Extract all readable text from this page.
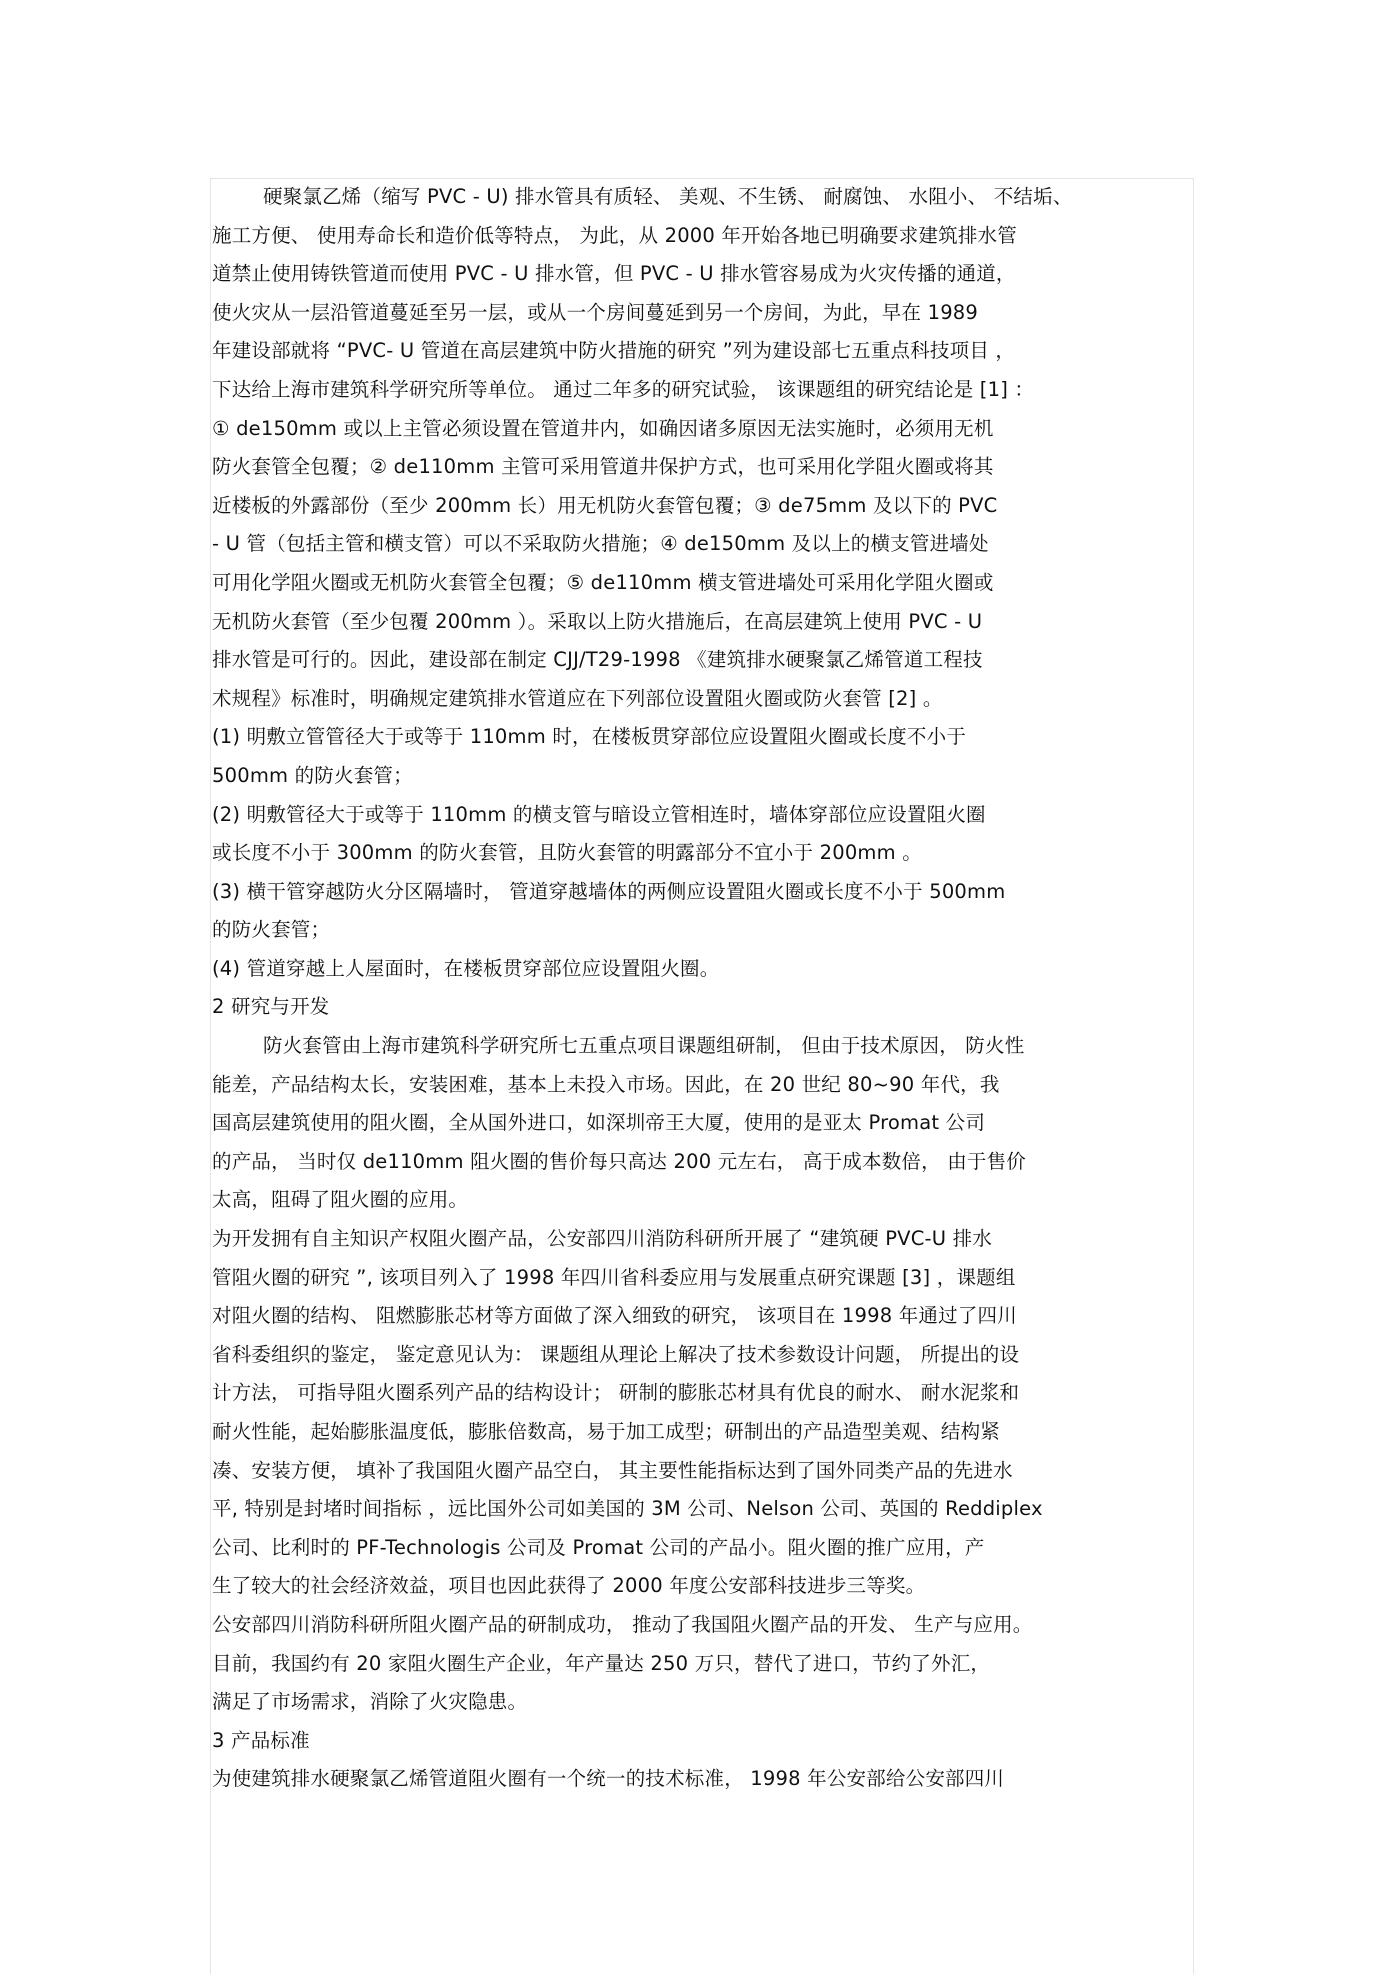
硬聚氯乙烯（缩写 PVC - U) 排水管具有质轻、 美观、不生锈、 耐腐蚀、 水阻小、 不结垢、
施工方便、 使用寿命长和造价低等特点， 为此，从 2000 年开始各地已明确要求建筑排水管
道禁止使用铸铁管道而使用 PVC - U 排水管，但 PVC - U 排水管容易成为火灾传播的通道，
使火灾从一层沿管道蔓延至另一层，或从一个房间蔓延到另一个房间，为此，早在 1989
年建设部就将 “PVC- U 管道在高层建筑中防火措施的研究 ”列为建设部七五重点科技项目 ，
下达给上海市建筑科学研究所等单位。 通过二年多的研究试验， 该课题组的研究结论是 [1] ：
① de150mm 或以上主管必须设置在管道井内，如确因诸多原因无法实施时，必须用无机
防火套管全包覆；② de110mm 主管可采用管道井保护方式，也可采用化学阻火圈或将其
近楼板的外露部份（至少 200mm 长）用无机防火套管包覆；③ de75mm 及以下的 PVC
- U 管（包括主管和横支管）可以不采取防火措施；④ de150mm 及以上的横支管进墙处
可用化学阻火圈或无机防火套管全包覆；⑤ de110mm 横支管进墙处可采用化学阻火圈或
无机防火套管（至少包覆 200mm ）。采取以上防火措施后，在高层建筑上使用 PVC - U
排水管是可行的。因此，建设部在制定 CJJ/T29-1998 《建筑排水硬聚氯乙烯管道工程技
术规程》标准时，明确规定建筑排水管道应在下列部位设置阻火圈或防火套管 [2] 。
(1) 明敷立管管径大于或等于 110mm 时，在楼板贯穿部位应设置阻火圈或长度不小于
500mm 的防火套管；
(2) 明敷管径大于或等于 110mm 的横支管与暗设立管相连时，墙体穿部位应设置阻火圈
或长度不小于 300mm 的防火套管，且防火套管的明露部分不宜小于 200mm 。
(3) 横干管穿越防火分区隔墙时， 管道穿越墙体的两侧应设置阻火圈或长度不小于 500mm
的防火套管；
(4) 管道穿越上人屋面时，在楼板贯穿部位应设置阻火圈。
2 研究与开发
防火套管由上海市建筑科学研究所七五重点项目课题组研制， 但由于技术原因， 防火性
能差，产品结构太长，安装困难，基本上未投入市场。因此，在 20 世纪 80~90 年代，我
国高层建筑使用的阻火圈，全从国外进口，如深圳帝王大厦，使用的是亚太 Promat 公司
的产品， 当时仅 de110mm 阻火圈的售价每只高达 200 元左右， 高于成本数倍， 由于售价
太高，阻碍了阻火圈的应用。
为开发拥有自主知识产权阻火圈产品，公安部四川消防科研所开展了 “建筑硬 PVC-U 排水
管阻火圈的研究 ”, 该项目列入了 1998 年四川省科委应用与发展重点研究课题 [3] ，课题组
对阻火圈的结构、 阻燃膨胀芯材等方面做了深入细致的研究， 该项目在 1998 年通过了四川
省科委组织的鉴定， 鉴定意见认为： 课题组从理论上解决了技术参数设计问题， 所提出的设
计方法， 可指导阻火圈系列产品的结构设计； 研制的膨胀芯材具有优良的耐水、 耐水泥浆和
耐火性能，起始膨胀温度低，膨胀倍数高，易于加工成型；研制出的产品造型美观、结构紧
凑、安装方便， 填补了我国阻火圈产品空白， 其主要性能指标达到了国外同类产品的先进水
平, 特别是封堵时间指标 ，远比国外公司如美国的 3M 公司、Nelson 公司、英国的 Reddiplex
公司、比利时的 PF-Technologis 公司及 Promat 公司的产品小。阻火圈的推广应用，产
生了较大的社会经济效益，项目也因此获得了 2000 年度公安部科技进步三等奖。
公安部四川消防科研所阻火圈产品的研制成功， 推动了我国阻火圈产品的开发、 生产与应用。
目前，我国约有 20 家阻火圈生产企业，年产量达 250 万只，替代了进口，节约了外汇，
满足了市场需求，消除了火灾隐患。
3 产品标准
为使建筑排水硬聚氯乙烯管道阻火圈有一个统一的技术标准， 1998 年公安部给公安部四川
